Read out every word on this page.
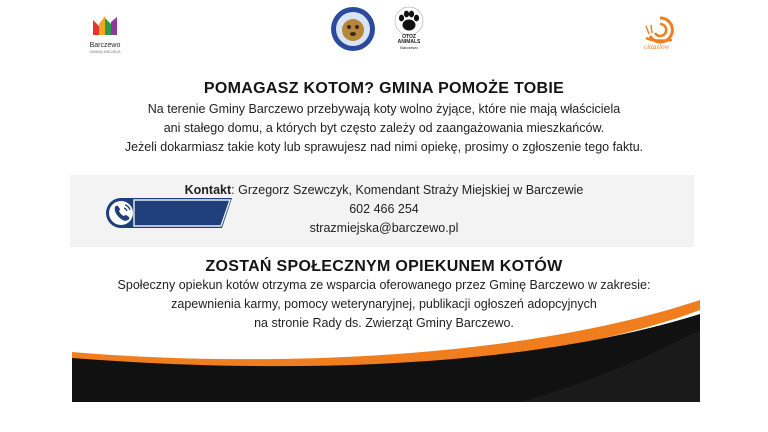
Barczewo
GMINA MIEJSKA
OTOZ
ANIMALS
Barczewo	cittaslow
POMAGASZ KOTOM? GMINA POMOŻE TOBIE
Na terenie Gminy Barczewo przebywają koty wolno żyjące, które nie mają właściciela
ani stałego domu, a których byt często zależy od zaangażowania mieszkańców.
Jeżeli dokarmiasz takie koty lub sprawujesz nad nimi opiekę, prosimy o zgłoszenie tego faktu.
Kontakt: Grzegorz Szewczyk, Komendant Straży Miejskiej w Barczewie
602 466 254
strazmiejska@barczewo.pl
ZOSTAŃ SPOŁECZNYM OPIEKUNEM KOTÓW
Społeczny opiekun kotów otrzyma ze wsparcia oferowanego przez Gminę Barczewo w zakresie:
zapewnienia karmy, pomocy weterynaryjnej, publikacji ogłoszeń adopcyjnych
na stronie Rady ds. Zwierząt Gminy Barczewo.
